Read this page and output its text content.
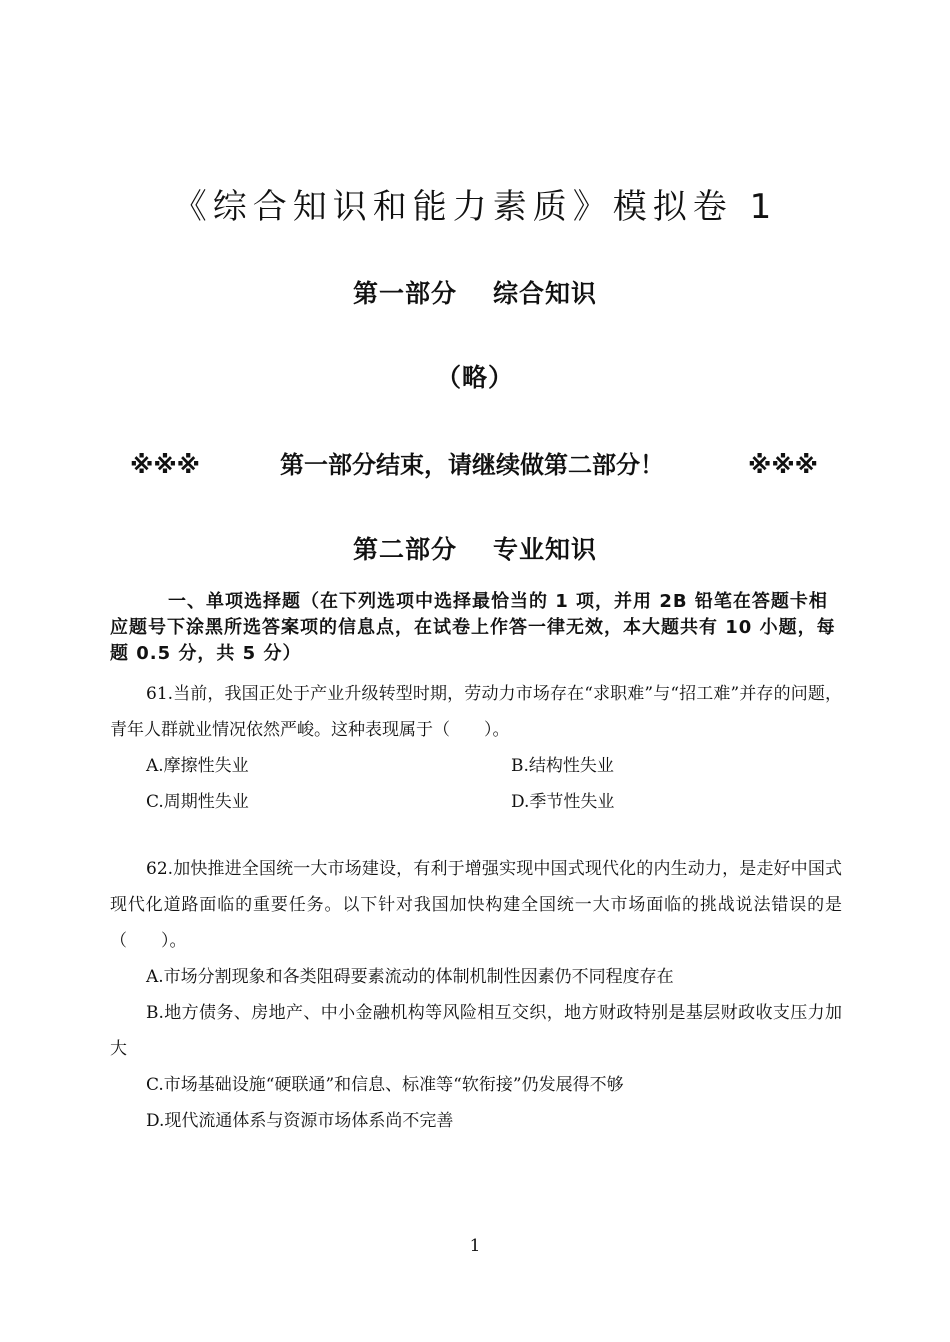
《综合知识和能力素质》模拟卷 1
第一部分 综合知识
（略）
※※※	第一部分结束，请继续做第二部分！	※※※
第二部分 专业知识

一、单项选择题（在下列选项中选择最恰当的 1 项，并用 2B 铅笔在答题卡相应题号下涂黑所选答案项的信息点，在试卷上作答一律无效，本大题共有 10 小题，每题 0.5 分，共 5 分）

61.当前，我国正处于产业升级转型时期，劳动力市场存在“求职难”与“招工难”并存的问题，青年人群就业情况依然严峻。这种表现属于（　　）。

A.摩擦性失业	B.结构性失业
C.周期性失业	D.季节性失业

62.加快推进全国统一大市场建设，有利于增强实现中国式现代化的内生动力，是走好中国式现代化道路面临的重要任务。以下针对我国加快构建全国统一大市场面临的挑战说法错误的是（　　）。

A.市场分割现象和各类阻碍要素流动的体制机制性因素仍不同程度存在
B.地方债务、房地产、中小金融机构等风险相互交织，地方财政特别是基层财政收支压力加大
C.市场基础设施“硬联通”和信息、标准等“软衔接”仍发展得不够
D.现代流通体系与资源市场体系尚不完善
1
